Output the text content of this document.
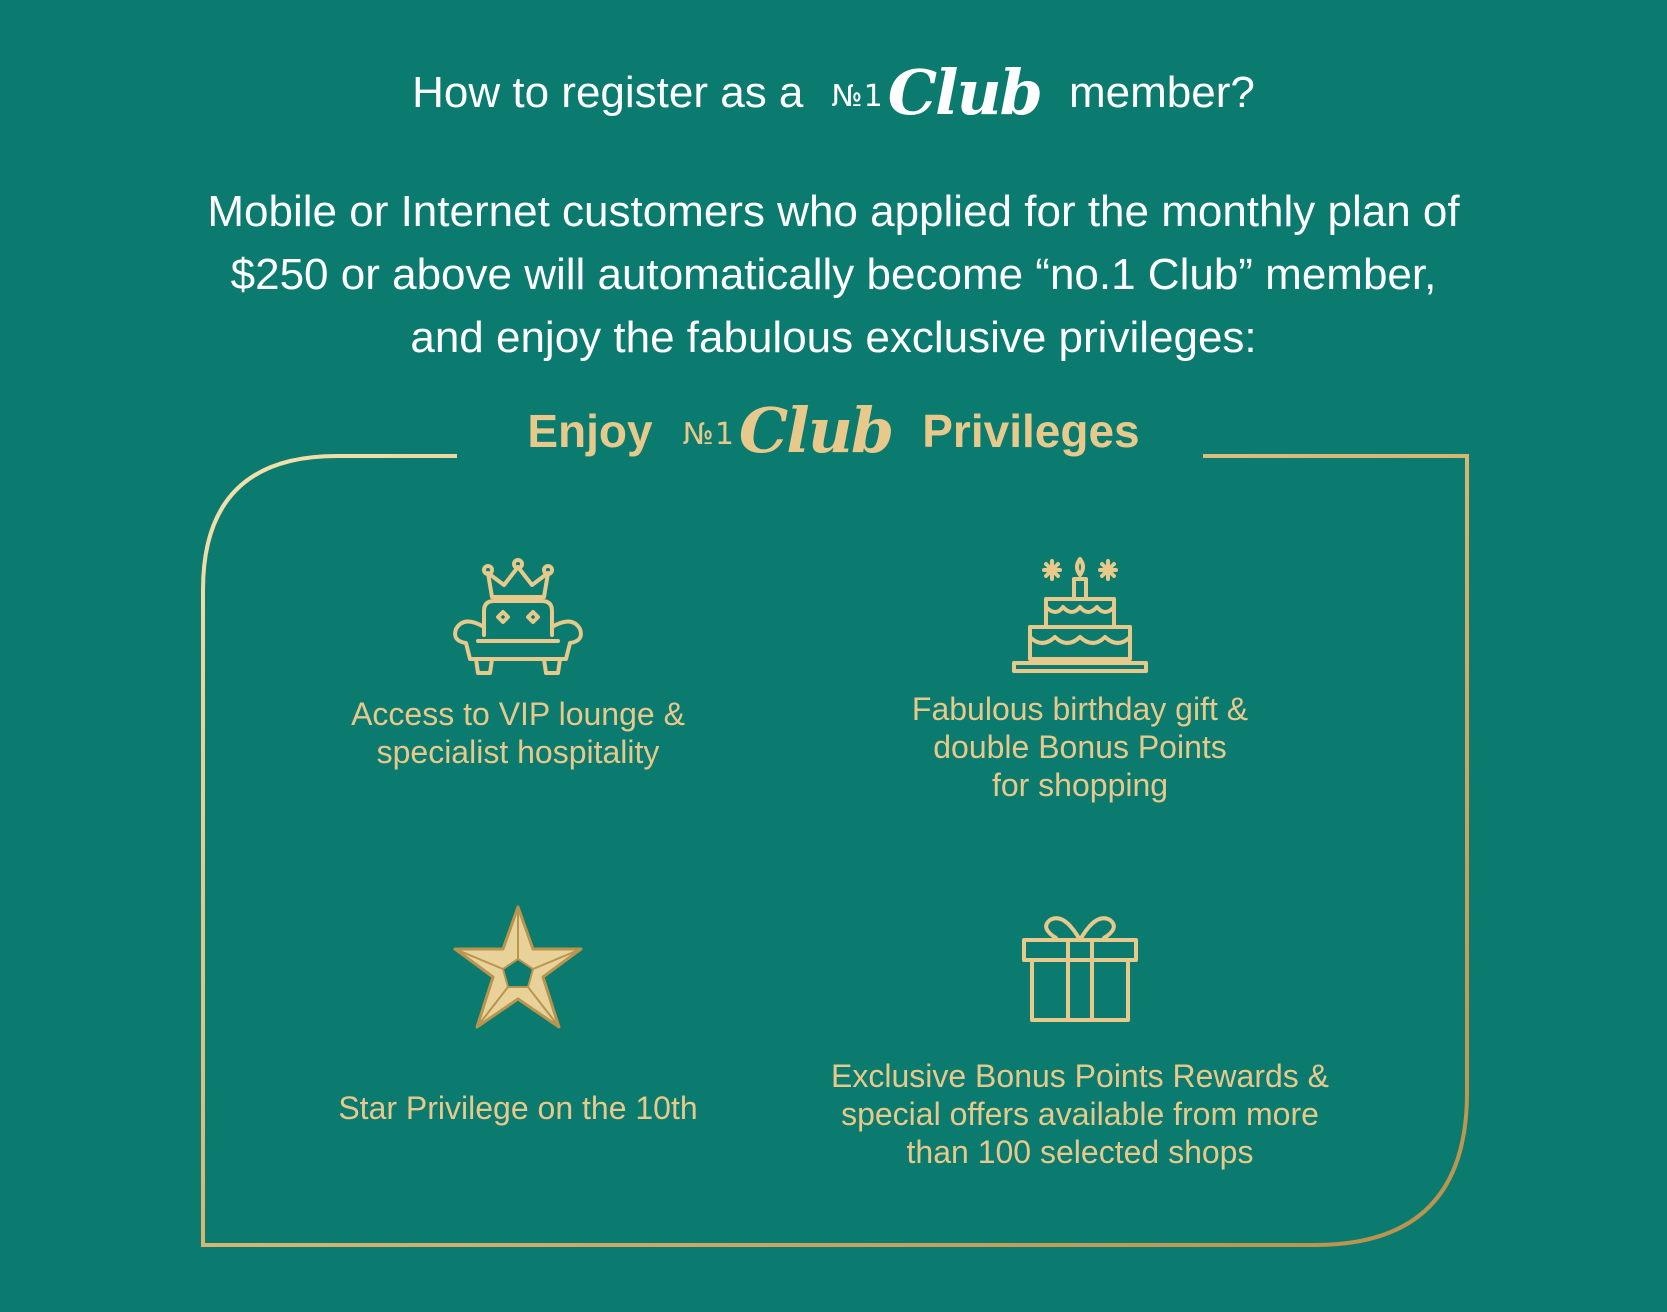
How to register as a №1 Club member?
Mobile or Internet customers who applied for the monthly plan of
$250 or above will automatically become “no.1 Club” member,
and enjoy the fabulous exclusive privileges:
Enjoy №1 Club Privileges
Access to VIP lounge &
specialist hospitality
Fabulous birthday gift &
double Bonus Points
for shopping
Star Privilege on the 10th
Exclusive Bonus Points Rewards &
special offers available from more
than 100 selected shops
